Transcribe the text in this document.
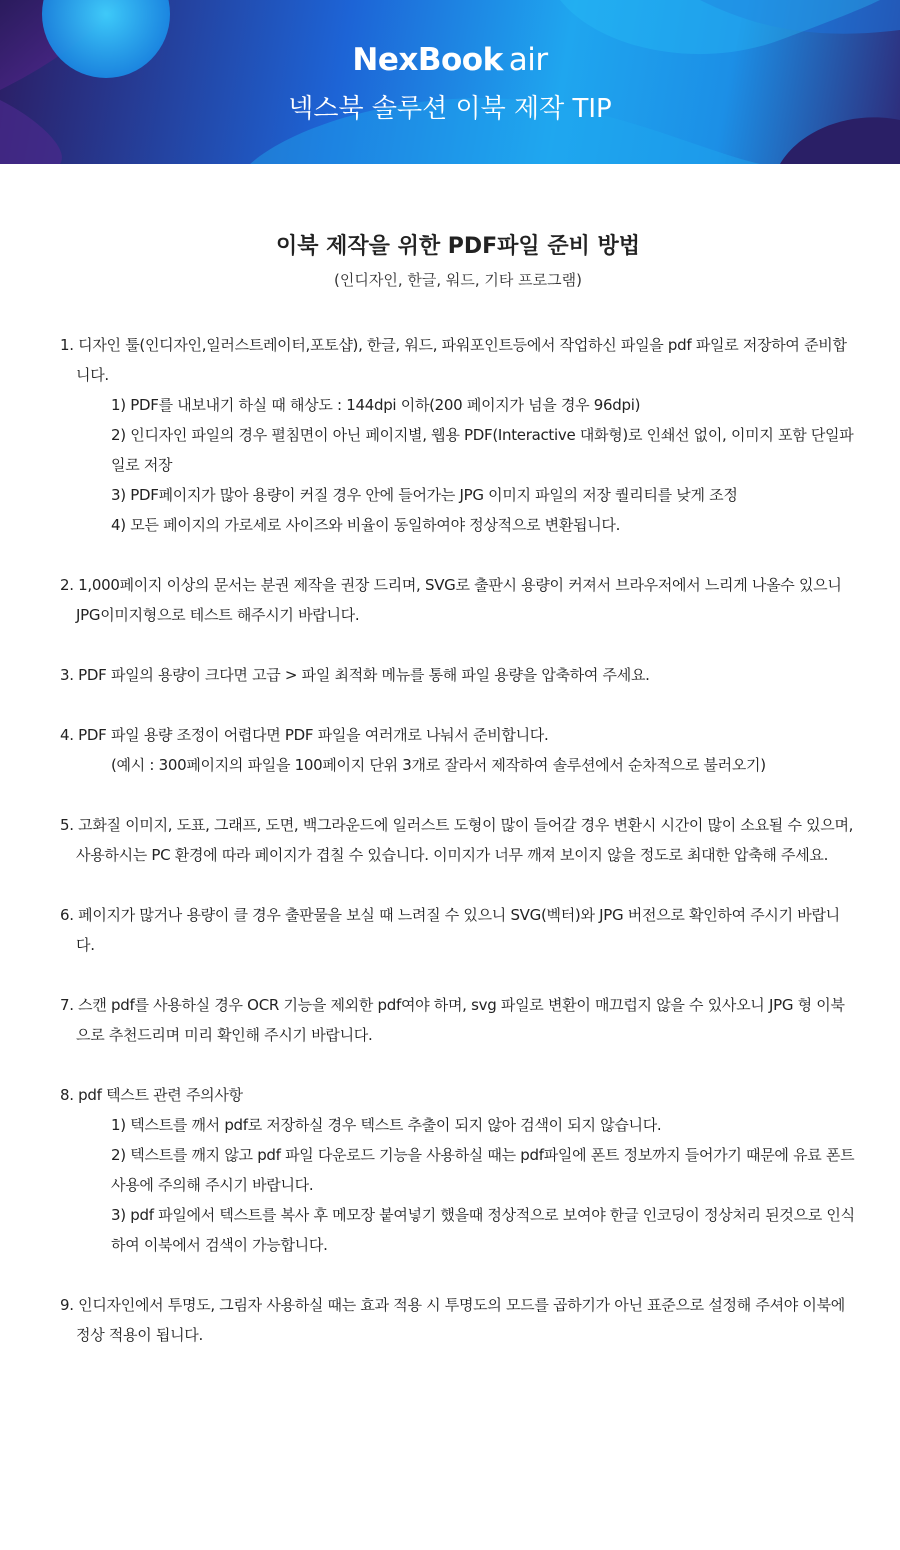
NexBook air
넥스북 솔루션 이북 제작 TIP
이북 제작을 위한 PDF파일 준비 방법

(인디자인, 한글, 워드, 기타 프로그램)

1. 디자인 툴(인디자인,일러스트레이터,포토샵), 한글, 워드, 파워포인트등에서 작업하신 파일을 pdf 파일로 저장하여 준비합니다.
1) PDF를 내보내기 하실 때 해상도 : 144dpi 이하(200 페이지가 넘을 경우 96dpi)
2) 인디자인 파일의 경우 펼침면이 아닌 페이지별, 웹용 PDF(Interactive 대화형)로 인쇄선 없이, 이미지 포함 단일파일로 저장
3) PDF페이지가 많아 용량이 커질 경우 안에 들어가는 JPG 이미지 파일의 저장 퀄리티를 낮게 조정
4) 모든 페이지의 가로세로 사이즈와 비율이 동일하여야 정상적으로 변환됩니다.
2. 1,000페이지 이상의 문서는 분권 제작을 권장 드리며, SVG로 출판시 용량이 커져서 브라우저에서 느리게 나올수 있으니 JPG이미지형으로 테스트 해주시기 바랍니다.
3. PDF 파일의 용량이 크다면 고급 > 파일 최적화 메뉴를 통해 파일 용량을 압축하여 주세요.
4. PDF 파일 용량 조정이 어렵다면 PDF 파일을 여러개로 나눠서 준비합니다.
(예시 : 300페이지의 파일을 100페이지 단위 3개로 잘라서 제작하여 솔루션에서 순차적으로 불러오기)
5. 고화질 이미지, 도표, 그래프, 도면, 백그라운드에 일러스트 도형이 많이 들어갈 경우 변환시 시간이 많이 소요될 수 있으며, 사용하시는 PC 환경에 따라 페이지가 겹칠 수 있습니다. 이미지가 너무 깨져 보이지 않을 정도로 최대한 압축해 주세요.
6. 페이지가 많거나 용량이 클 경우 출판물을 보실 때 느려질 수 있으니 SVG(벡터)와 JPG 버전으로 확인하여 주시기 바랍니다.
7. 스캔 pdf를 사용하실 경우 OCR 기능을 제외한 pdf여야 하며, svg 파일로 변환이 매끄럽지 않을 수 있사오니 JPG 형 이북으로 추천드리며 미리 확인해 주시기 바랍니다.
8. pdf 텍스트 관련 주의사항
1) 텍스트를 깨서 pdf로 저장하실 경우 텍스트 추출이 되지 않아 검색이 되지 않습니다.
2) 텍스트를 깨지 않고 pdf 파일 다운로드 기능을 사용하실 때는 pdf파일에 폰트 정보까지 들어가기 때문에 유료 폰트사용에 주의해 주시기 바랍니다.
3) pdf 파일에서 텍스트를 복사 후 메모장 붙여넣기 했을때 정상적으로 보여야 한글 인코딩이 정상처리 된것으로 인식하여 이북에서 검색이 가능합니다.
9. 인디자인에서 투명도, 그림자 사용하실 때는 효과 적용 시 투명도의 모드를 곱하기가 아닌 표준으로 설정해 주셔야 이북에 정상 적용이 됩니다.
